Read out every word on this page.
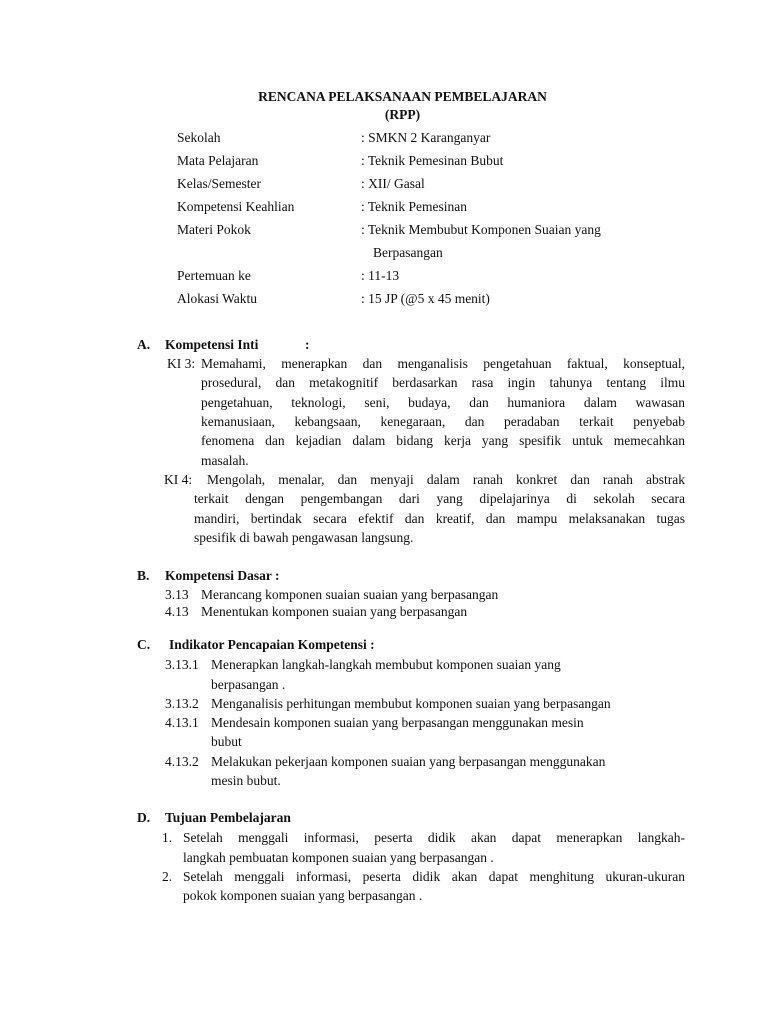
RENCANA PELAKSANAAN PEMBELAJARAN
(RPP)
Sekolah	: SMKN 2 Karanganyar
Mata Pelajaran	: Teknik Pemesinan Bubut
Kelas/Semester	: XII/ Gasal
Kompetensi Keahlian	: Teknik Pemesinan
Materi Pokok	: Teknik Membubut Komponen Suaian yang
Berpasangan
Pertemuan ke	: 11-13
Alokasi Waktu	: 15 JP (@5 x 45 menit)
A. Kompetensi Inti	:
KI 3: Memahami, menerapkan dan menganalisis pengetahuan faktual, konseptual,
prosedural, dan metakognitif berdasarkan rasa ingin tahunya tentang ilmu
pengetahuan, teknologi, seni, budaya, dan humaniora dalam wawasan
kemanusiaan, kebangsaan, kenegaraan, dan peradaban terkait penyebab
fenomena dan kejadian dalam bidang kerja yang spesifik untuk memecahkan
masalah.
KI 4: Mengolah, menalar, dan menyaji dalam ranah konkret dan ranah abstrak
terkait dengan pengembangan dari yang dipelajarinya di sekolah secara
mandiri, bertindak secara efektif dan kreatif, dan mampu melaksanakan tugas
spesifik di bawah pengawasan langsung.
B. Kompetensi Dasar :
3.13 Merancang komponen suaian suaian yang berpasangan
4.13 Menentukan komponen suaian yang berpasangan
C. Indikator Pencapaian Kompetensi :
3.13.1 Menerapkan langkah-langkah membubut komponen suaian yang
berpasangan .
3.13.2 Menganalisis perhitungan membubut komponen suaian yang berpasangan
4.13.1 Mendesain komponen suaian yang berpasangan menggunakan mesin
bubut
4.13.2 Melakukan pekerjaan komponen suaian yang berpasangan menggunakan
mesin bubut.
D. Tujuan Pembelajaran
1. Setelah menggali informasi, peserta didik akan dapat menerapkan langkah-
langkah pembuatan komponen suaian yang berpasangan .
2. Setelah menggali informasi, peserta didik akan dapat menghitung ukuran-ukuran
pokok komponen suaian yang berpasangan .
